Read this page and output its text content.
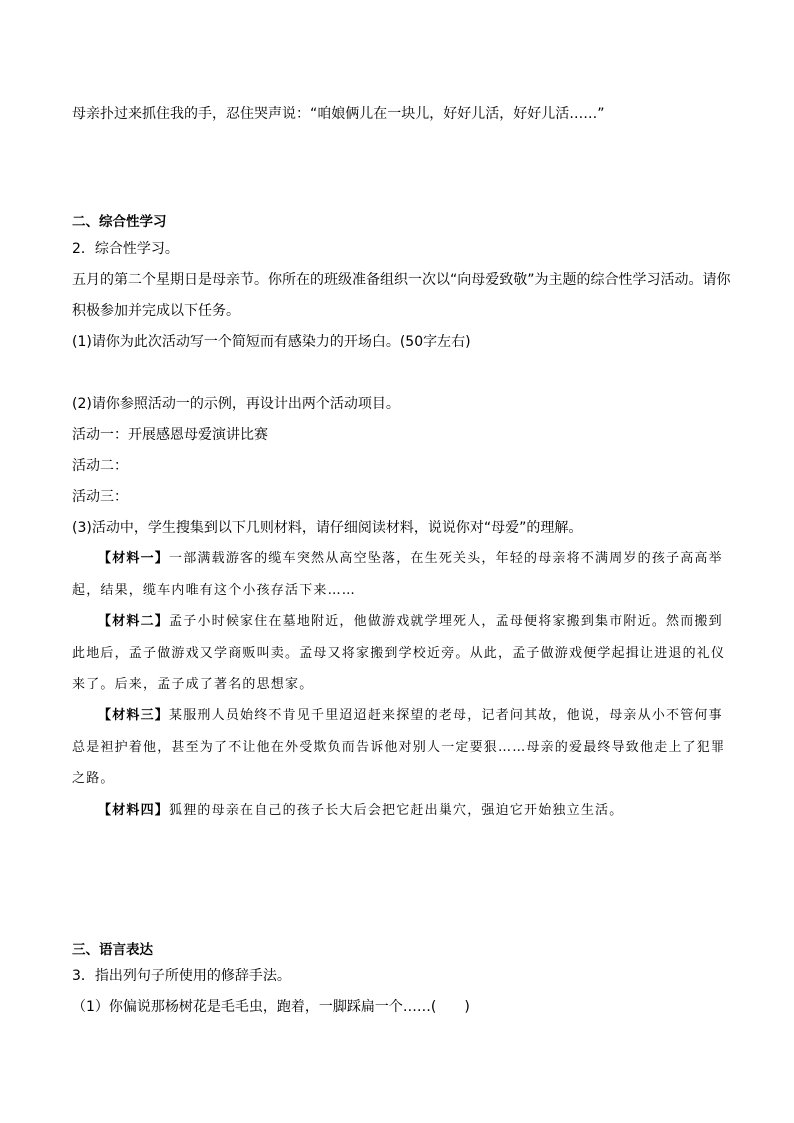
母亲扑过来抓住我的手，忍住哭声说：“咱娘俩儿在一块儿，好好儿活，好好儿活……”
二、综合性学习
2．综合性学习。
五月的第二个星期日是母亲节。你所在的班级准备组织一次以“向母爱致敬”为主题的综合性学习活动。请你
积极参加并完成以下任务。
(1)请你为此次活动写一个简短而有感染力的开场白。(50字左右)
(2)请你参照活动一的示例，再设计出两个活动项目。
活动一：开展感恩母爱演讲比赛
活动二：
活动三：
(3)活动中，学生搜集到以下几则材料，请仔细阅读材料，说说你对“母爱”的理解。
【材料一】一部满载游客的缆车突然从高空坠落，在生死关头，年轻的母亲将不满周岁的孩子高高举起，结果，缆车内唯有这个小孩存活下来……
【材料二】孟子小时候家住在墓地附近，他做游戏就学埋死人，孟母便将家搬到集市附近。然而搬到此地后，孟子做游戏又学商贩叫卖。孟母又将家搬到学校近旁。从此，孟子做游戏便学起揖让进退的礼仪来了。后来，孟子成了著名的思想家。
【材料三】某服刑人员始终不肯见千里迢迢赶来探望的老母，记者问其故，他说，母亲从小不管何事总是袒护着他，甚至为了不让他在外受欺负而告诉他对别人一定要狠……母亲的爱最终导致他走上了犯罪之路。
【材料四】狐狸的母亲在自己的孩子长大后会把它赶出巢穴，强迫它开始独立生活。
三、语言表达
3．指出列句子所使用的修辞手法。
（1）你偏说那杨树花是毛毛虫，跑着，一脚踩扁一个……(　　)
